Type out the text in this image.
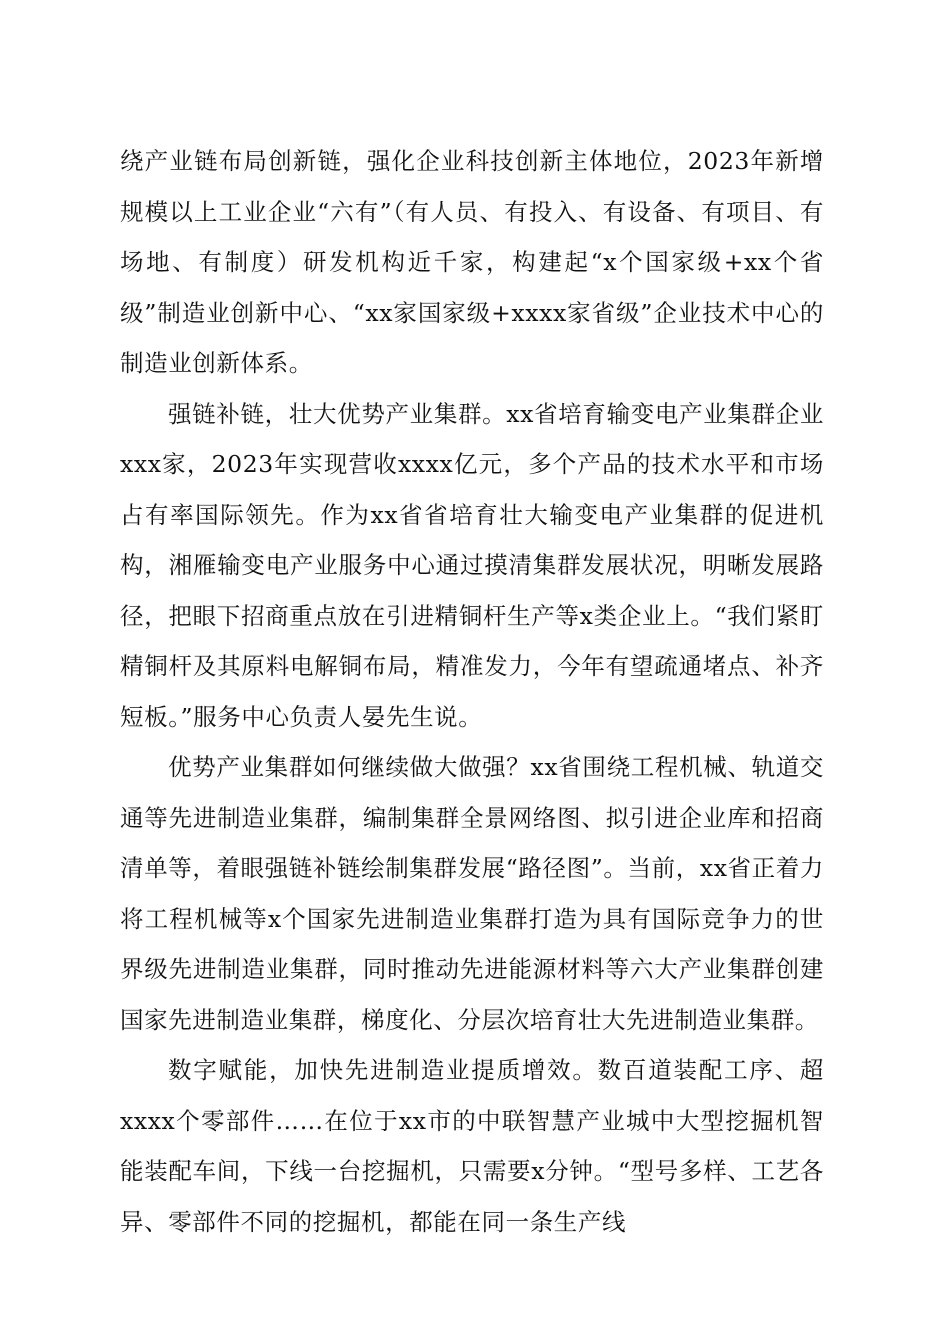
绕产业链布局创新链，强化企业科技创新主体地位，2023年新增规模以上工业企业“六有”（有人员、有投入、有设备、有项目、有场地、有制度）研发机构近千家，构建起“x个国家级+xx个省级”制造业创新中心、“xx家国家级+xxxx家省级”企业技术中心的制造业创新体系。

强链补链，壮大优势产业集群。xx省培育输变电产业集群企业xxx家，2023年实现营收xxxx亿元，多个产品的技术水平和市场占有率国际领先。作为xx省省培育壮大输变电产业集群的促进机构，湘雁输变电产业服务中心通过摸清集群发展状况，明晰发展路径，把眼下招商重点放在引进精铜杆生产等x类企业上。“我们紧盯精铜杆及其原料电解铜布局，精准发力，今年有望疏通堵点、补齐短板。”服务中心负责人晏先生说。

优势产业集群如何继续做大做强？xx省围绕工程机械、轨道交通等先进制造业集群，编制集群全景网络图、拟引进企业库和招商清单等，着眼强链补链绘制集群发展“路径图”。当前，xx省正着力将工程机械等x个国家先进制造业集群打造为具有国际竞争力的世界级先进制造业集群，同时推动先进能源材料等六大产业集群创建国家先进制造业集群，梯度化、分层次培育壮大先进制造业集群。

数字赋能，加快先进制造业提质增效。数百道装配工序、超xxxx个零部件……在位于xx市的中联智慧产业城中大型挖掘机智能装配车间，下线一台挖掘机，只需要x分钟。“型号多样、工艺各异、零部件不同的挖掘机，都能在同一条生产线
